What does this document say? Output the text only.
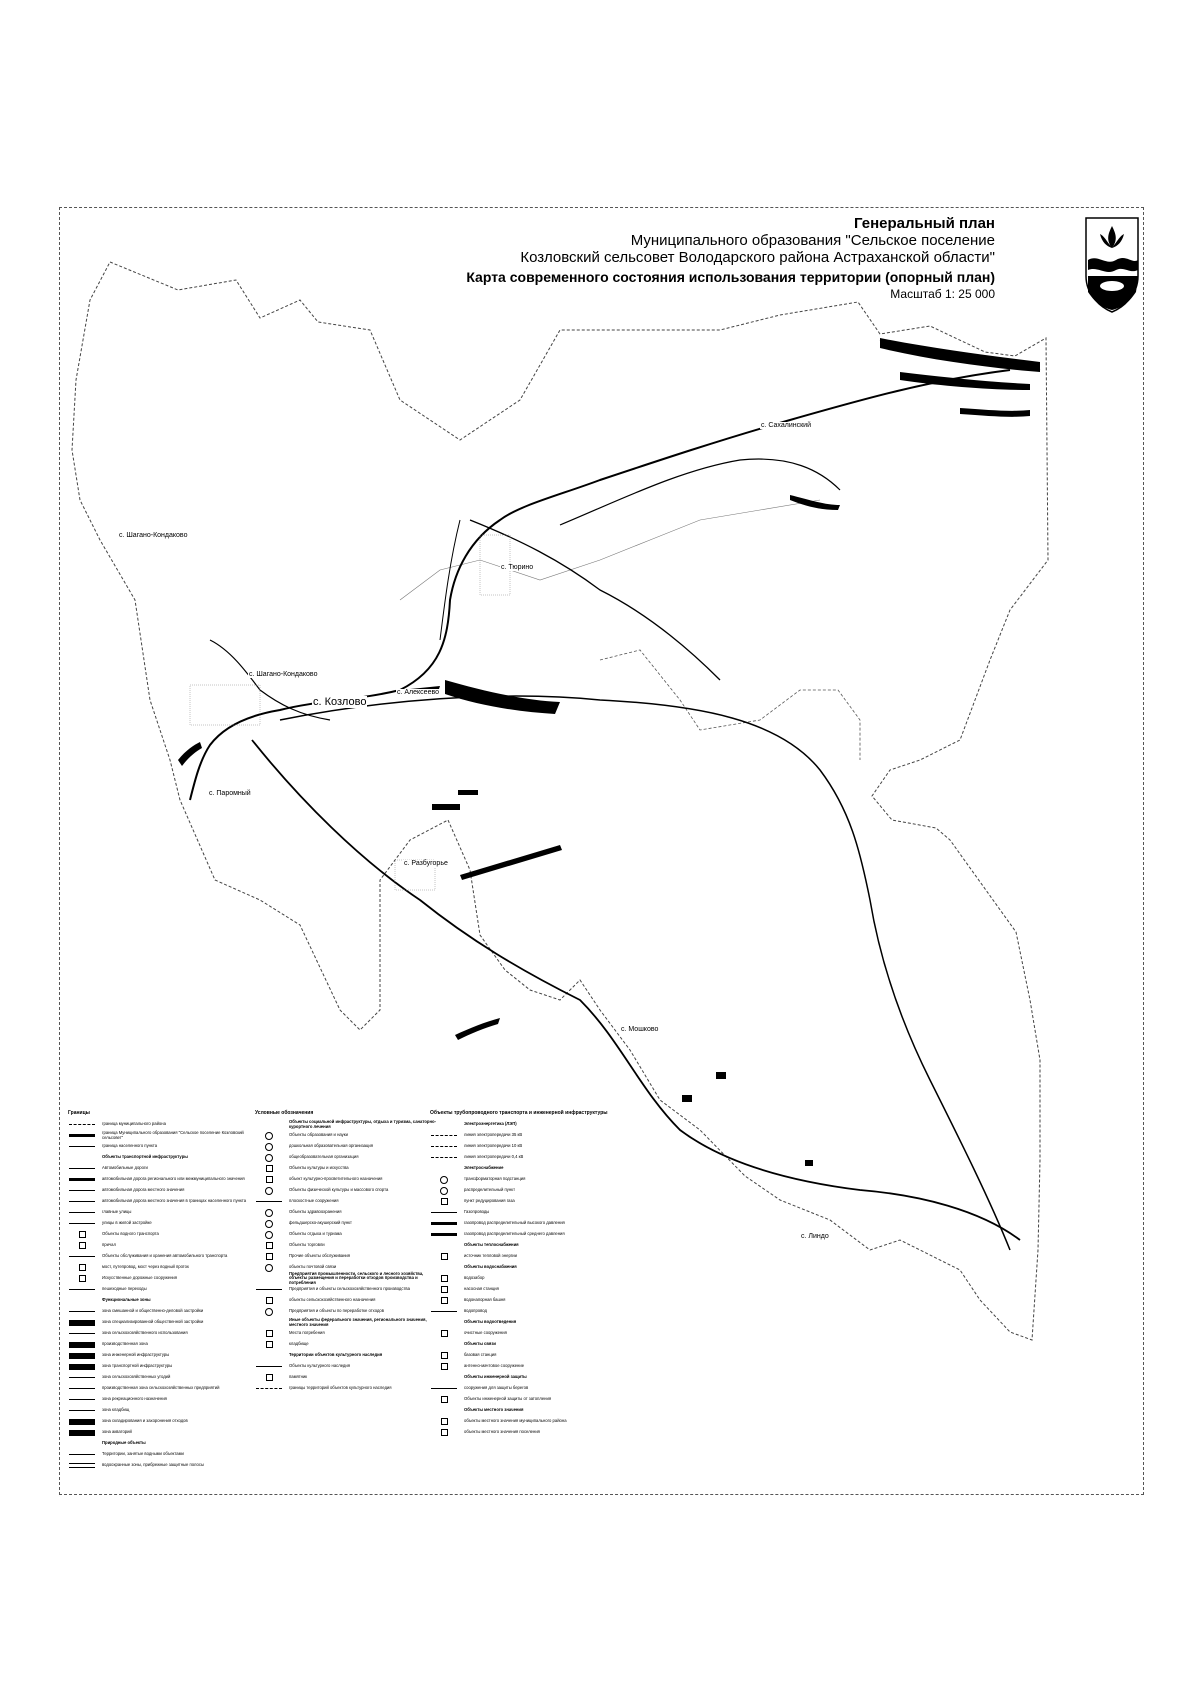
Генеральный план
Муниципального образования "Сельское поселение
Козловский сельсовет Володарского района Астраханской области"
Карта современного состояния использования территории (опорный план)
Масштаб 1: 25 000
с. Сахалинский
с. Шагано-Кондаково
с. Тюрино
с. Шагано-Кондаково
с. Козлово
с. Алексеево
с. Паромный
с. Разбугорье
с. Мошково
с. Линдо
Границы
граница муниципального района
граница Муниципального образования "Сельское поселение Козловский сельсовет"
граница населенного пункта
Объекты транспортной инфраструктуры
Автомобильные дороги
автомобильная дорога регионального или межмуниципального значения
автомобильная дорога местного значения
автомобильная дорога местного значения в границах населенного пункта
главные улицы
улицы в жилой застройке
Объекты водного транспорта
причал
Объекты обслуживания и хранения автомобильного транспорта
мост, путепровод, мост через водный проток
Искусственные дорожные сооружения
пешеходные переходы
Функциональные зоны
зона смешанной и общественно-деловой застройки
зона специализированной общественной застройки
зона сельскохозяйственного использования
производственная зона
зона инженерной инфраструктуры
зона транспортной инфраструктуры
зона сельскохозяйственных угодий
производственная зона сельскохозяйственных предприятий
зона рекреационного назначения
зона кладбищ
зона складирования и захоронения отходов
зона акваторий
Природные объекты
Территории, занятые водными объектами
водоохранные зоны, прибрежные защитные полосы
Условные обозначения
Объекты социальной инфраструктуры, отдыха и туризма, санаторно-курортного лечения
Объекты образования и науки
дошкольная образовательная организация
общеобразовательная организация
Объекты культуры и искусства
объект культурно-просветительного назначения
Объекты физической культуры и массового спорта
плоскостные сооружения
Объекты здравоохранения
фельдшерско-акушерский пункт
Объекты отдыха и туризма
Объекты торговли
Прочие объекты обслуживания
объекты почтовой связи
Предприятия промышленности, сельского и лесного хозяйства, объекты размещения и переработки отходов производства и потребления
Предприятия и объекты сельскохозяйственного производства
объекты сельскохозяйственного назначения
Предприятия и объекты по переработке отходов
Иные объекты федерального значения, регионального значения, местного значения
Места погребения
кладбище
Территории объектов культурного наследия
Объекты культурного наследия
памятник
границы территорий объектов культурного наследия
Объекты трубопроводного транспорта и инженерной инфраструктуры
Электроэнергетика (ЛЭП)
линия электропередачи 35 кВ
линия электропередачи 10 кВ
линия электропередачи 0,4 кВ
Электроснабжение
трансформаторная подстанция
распределительный пункт
пункт редуцирования газа
Газопроводы
газопровод распределительный высокого давления
газопровод распределительный среднего давления
Объекты теплоснабжения
источник тепловой энергии
Объекты водоснабжения
водозабор
насосная станция
водонапорная башня
водопровод
Объекты водоотведения
очистные сооружения
Объекты связи
базовая станция
антенно-мачтовое сооружение
Объекты инженерной защиты
сооружения для защиты берегов
Объекты инженерной защиты от затопления
Объекты местного значения
объекты местного значения муниципального района
объекты местного значения поселения
